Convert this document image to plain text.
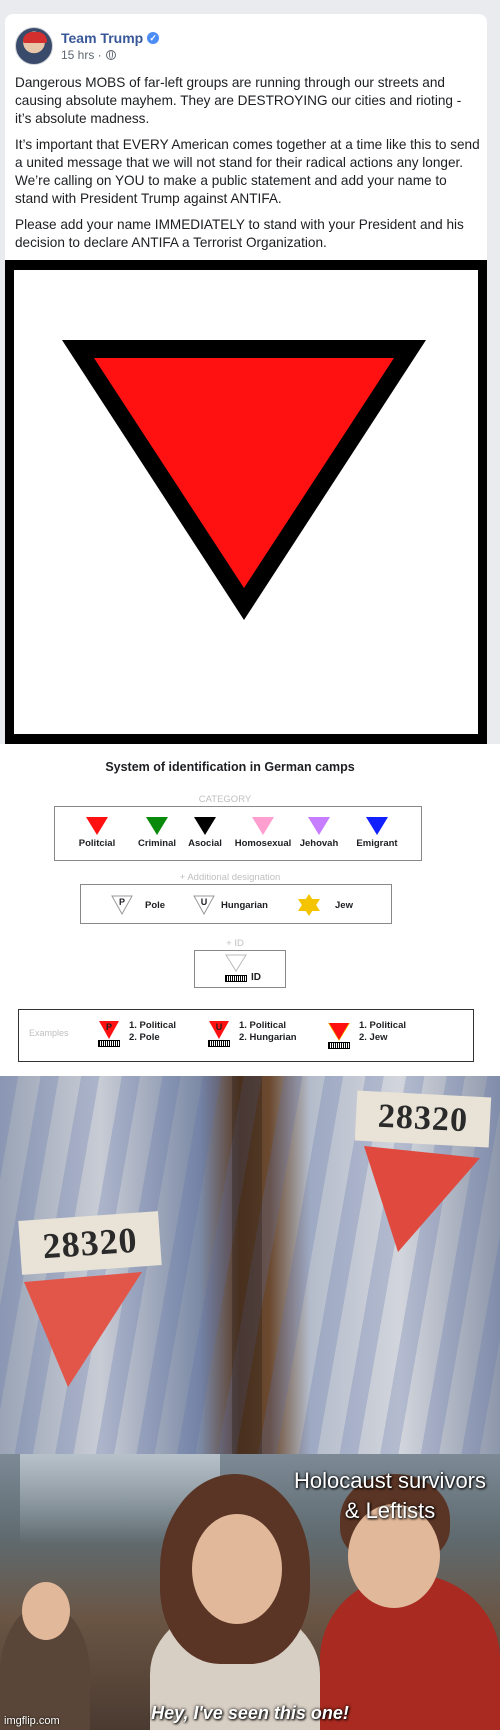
Team Trump ✓
15 hrs ·

Dangerous MOBS of far-left groups are running through our streets and causing absolute mayhem. They are DESTROYING our cities and rioting - it’s absolute madness.

It’s important that EVERY American comes together at a time like this to send a united message that we will not stand for their radical actions any longer. We’re calling on YOU to make a public statement and add your name to stand with President Trump against ANTIFA.

Please add your name IMMEDIATELY to stand with your President and his decision to declare ANTIFA a Terrorist Organization.

System of identification in German camps
CATEGORY
Politcial	Criminal	Asocial	Homosexual Jehovah	Emigrant
+ Additional designation
P	Pole	U	Hungarian	Jew
+ ID
ID
Examples
P	1. Political
2. Pole
U	1. Political
2. Hungarian
1. Political
2. Jew
28320
28320
Holocaust survivors
& Leftists
Hey, I've seen this one!
imgflip.com
